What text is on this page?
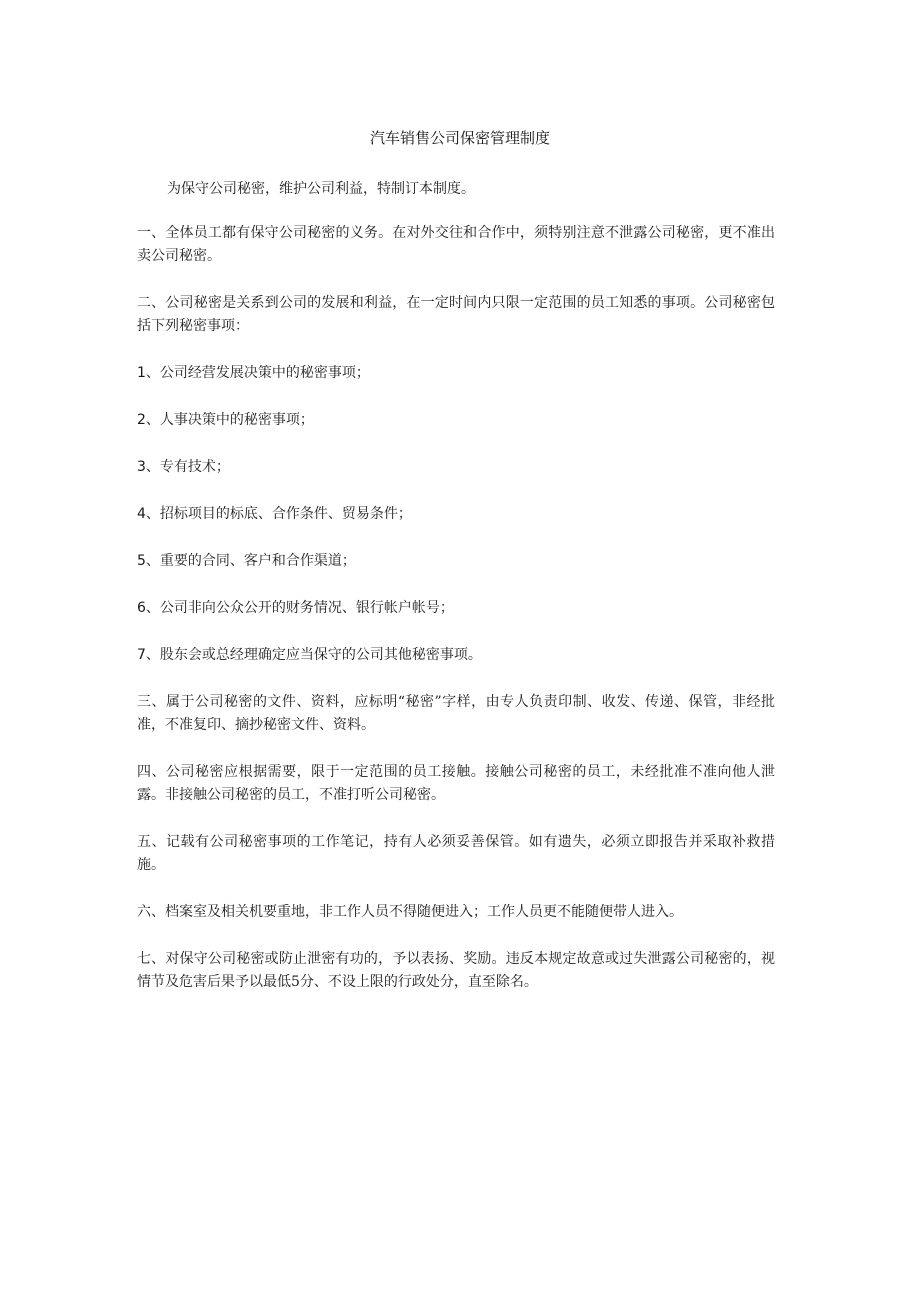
汽车销售公司保密管理制度

为保守公司秘密，维护公司利益，特制订本制度。

一、全体员工都有保守公司秘密的义务。在对外交往和合作中，须特别注意不泄露公司秘密，更不准出卖公司秘密。

二、公司秘密是关系到公司的发展和利益，在一定时间内只限一定范围的员工知悉的事项。公司秘密包括下列秘密事项：

1、公司经营发展决策中的秘密事项；

2、人事决策中的秘密事项；

3、专有技术；

4、招标项目的标底、合作条件、贸易条件；

5、重要的合同、客户和合作渠道；

6、公司非向公众公开的财务情况、银行帐户帐号；

7、股东会或总经理确定应当保守的公司其他秘密事项。

三、属于公司秘密的文件、资料，应标明“秘密”字样，由专人负责印制、收发、传递、保管，非经批准，不准复印、摘抄秘密文件、资料。

四、公司秘密应根据需要，限于一定范围的员工接触。接触公司秘密的员工，未经批准不准向他人泄露。非接触公司秘密的员工，不准打听公司秘密。

五、记载有公司秘密事项的工作笔记，持有人必须妥善保管。如有遗失，必须立即报告并采取补救措施。

六、档案室及相关机要重地，非工作人员不得随便进入；工作人员更不能随便带人进入。

七、对保守公司秘密或防止泄密有功的，予以表扬、奖励。违反本规定故意或过失泄露公司秘密的，视情节及危害后果予以最低5分、不设上限的行政处分，直至除名。
